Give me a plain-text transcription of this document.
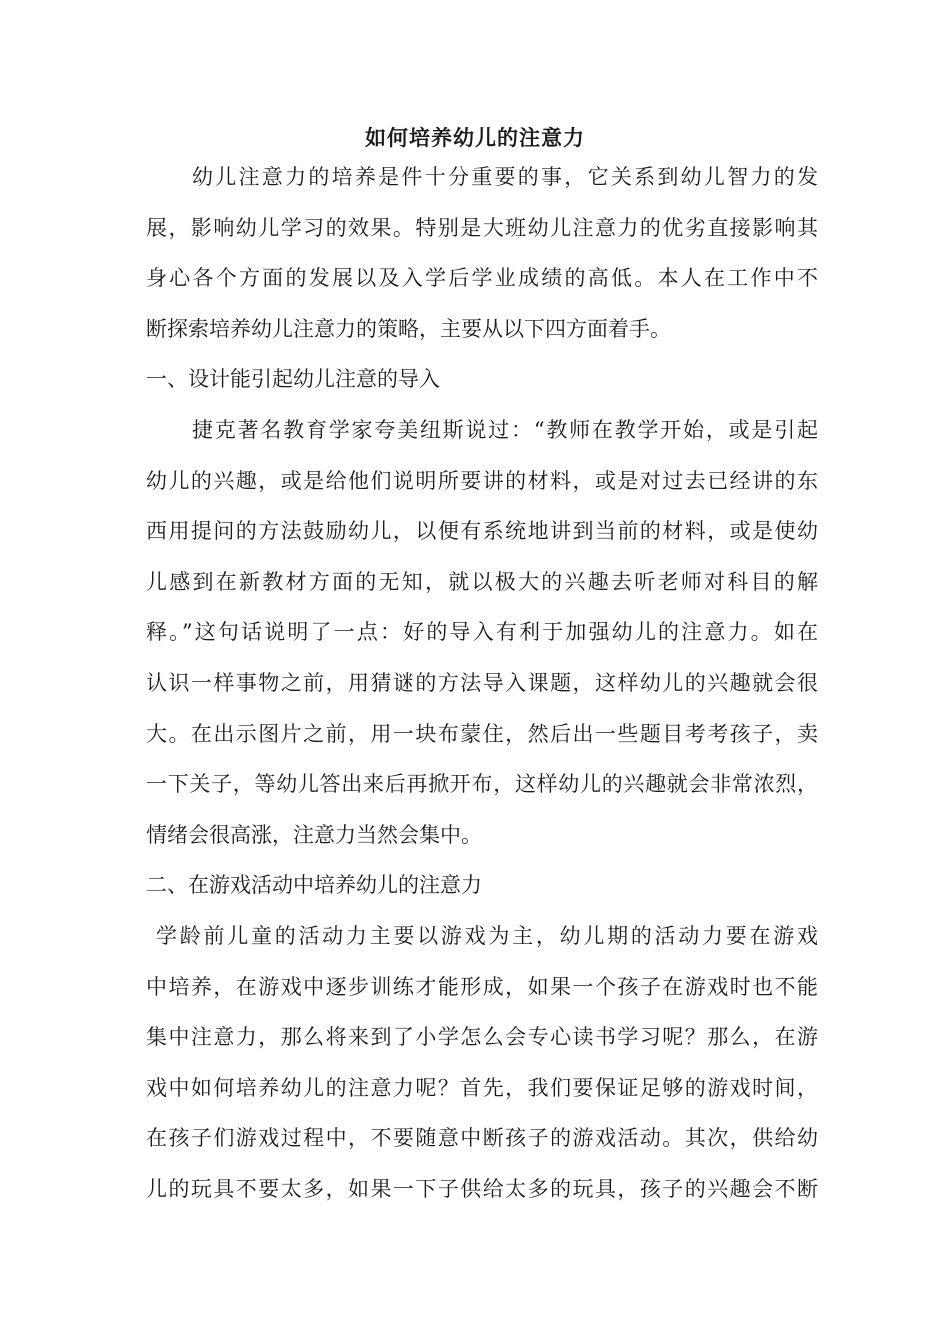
如何培养幼儿的注意力
幼儿注意力的培养是件十分重要的事，它关系到幼儿智力的发
展，影响幼儿学习的效果。特别是大班幼儿注意力的优劣直接影响其
身心各个方面的发展以及入学后学业成绩的高低。本人在工作中不
断探索培养幼儿注意力的策略，主要从以下四方面着手。
一、设计能引起幼儿注意的导入
捷克著名教育学家夸美纽斯说过：“教师在教学开始，或是引起
幼儿的兴趣，或是给他们说明所要讲的材料，或是对过去已经讲的东
西用提问的方法鼓励幼儿，以便有系统地讲到当前的材料，或是使幼
儿感到在新教材方面的无知，就以极大的兴趣去听老师对科目的解
释。”这句话说明了一点：好的导入有利于加强幼儿的注意力。如在
认识一样事物之前，用猜谜的方法导入课题，这样幼儿的兴趣就会很
大。在出示图片之前，用一块布蒙住，然后出一些题目考考孩子，卖
一下关子，等幼儿答出来后再掀开布，这样幼儿的兴趣就会非常浓烈，
情绪会很高涨，注意力当然会集中。
二、在游戏活动中培养幼儿的注意力
学龄前儿童的活动力主要以游戏为主，幼儿期的活动力要在游戏
中培养，在游戏中逐步训练才能形成，如果一个孩子在游戏时也不能
集中注意力，那么将来到了小学怎么会专心读书学习呢？那么，在游
戏中如何培养幼儿的注意力呢？首先，我们要保证足够的游戏时间，
在孩子们游戏过程中，不要随意中断孩子的游戏活动。其次，供给幼
儿的玩具不要太多，如果一下子供给太多的玩具，孩子的兴趣会不断
